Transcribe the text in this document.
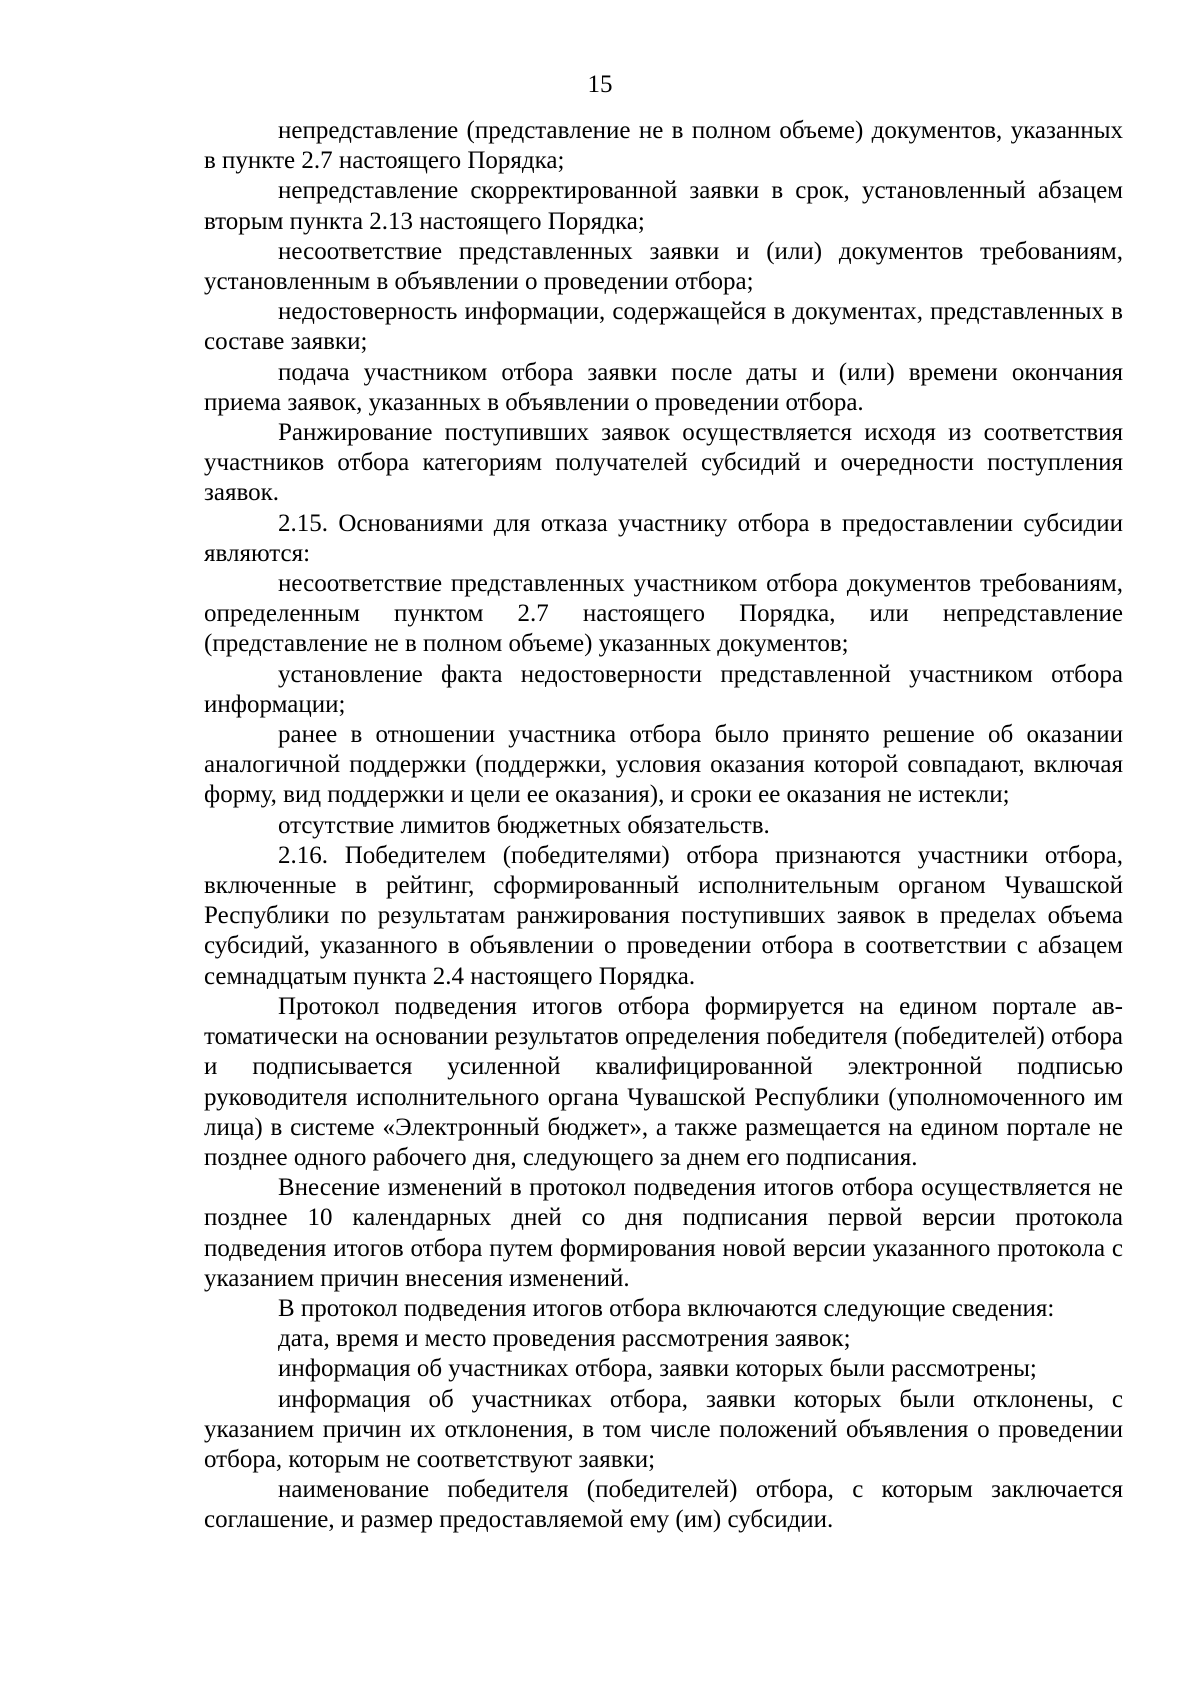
15

непредставление (представление не в полном объеме) документов, указанных в пункте 2.7 настоящего Порядка;

непредставление скорректированной заявки в срок, установленный абзацем вторым пункта 2.13 настоящего Порядка;

несоответствие представленных заявки и (или) документов требованиям, установленным в объявлении о проведении отбора;

недостоверность информации, содержащейся в документах, представленных в составе заявки;

подача участником отбора заявки после даты и (или) времени окончания приема заявок, указанных в объявлении о проведении отбора.

Ранжирование поступивших заявок осуществляется исходя из соответствия участников отбора категориям получателей субсидий и очередности поступления заявок.

2.15. Основаниями для отказа участнику отбора в предоставлении субсидии являются:

несоответствие представленных участником отбора документов требованиям, определенным пунктом 2.7 настоящего Порядка, или непредставление (представление не в полном объеме) указанных документов;

установление факта недостоверности представленной участником отбора информации;

ранее в отношении участника отбора было принято решение об оказании аналогичной поддержки (поддержки, условия оказания которой совпадают, включая форму, вид поддержки и цели ее оказания), и сроки ее оказания не истекли;

отсутствие лимитов бюджетных обязательств.

2.16. Победителем (победителями) отбора признаются участники отбора, включенные в рейтинг, сформированный исполнительным органом Чувашской Республики по результатам ранжирования поступивших заявок в пределах объема субсидий, указанного в объявлении о проведении отбора в соответствии с абзацем семнадцатым пункта 2.4 настоящего Порядка.

Протокол подведения итогов отбора формируется на едином портале автоматически на основании результатов определения победителя (победителей) отбора и подписывается усиленной квалифицированной электронной подписью руководителя исполнительного органа Чувашской Республики (уполномоченного им лица) в системе «Электронный бюджет», а также размещается на едином портале не позднее одного рабочего дня, следующего за днем его подписания.

Внесение изменений в протокол подведения итогов отбора осуществляется не позднее 10 календарных дней со дня подписания первой версии протокола подведения итогов отбора путем формирования новой версии указанного протокола с указанием причин внесения изменений.

В протокол подведения итогов отбора включаются следующие сведения:

дата, время и место проведения рассмотрения заявок;

информация об участниках отбора, заявки которых были рассмотрены;

информация об участниках отбора, заявки которых были отклонены, с указанием причин их отклонения, в том числе положений объявления о проведении отбора, которым не соответствуют заявки;

наименование победителя (победителей) отбора, с которым заключается соглашение, и размер предоставляемой ему (им) субсидии.
